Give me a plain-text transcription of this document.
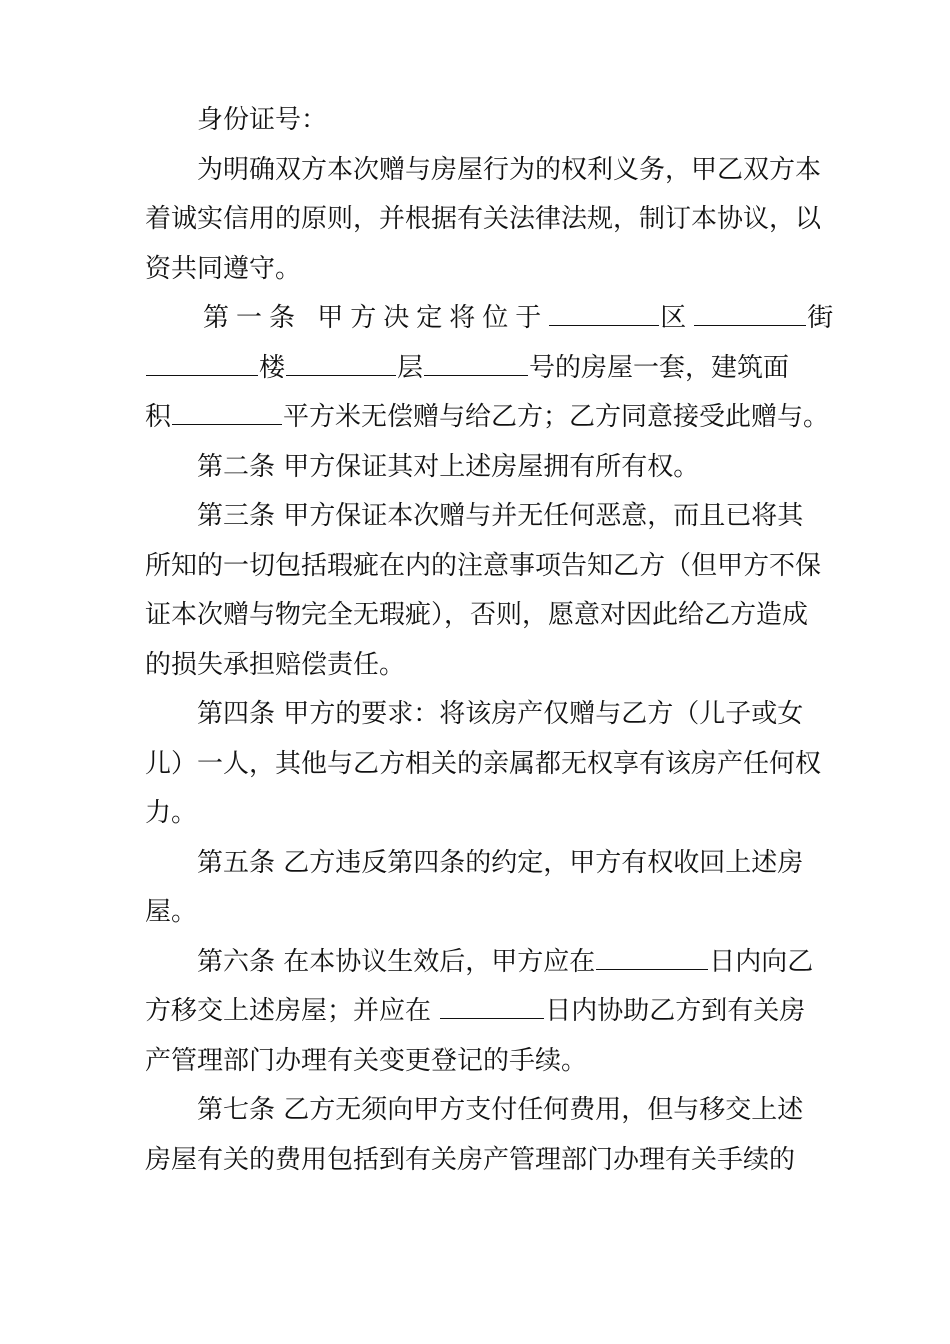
身份证号：

为明确双方本次赠与房屋行为的权利义务，甲乙双方本
着诚实信用的原则，并根据有关法律法规，制订本协议，以
资共同遵守。

第一条 甲方决定将位于	区	街
楼	层	号的房屋一套，建筑面
积	平方米无偿赠与给乙方；乙方同意接受此赠与。

第二条 甲方保证其对上述房屋拥有所有权。

第三条 甲方保证本次赠与并无任何恶意，而且已将其
所知的一切包括瑕疵在内的注意事项告知乙方（但甲方不保
证本次赠与物完全无瑕疵），否则，愿意对因此给乙方造成
的损失承担赔偿责任。

第四条 甲方的要求：将该房产仅赠与乙方（儿子或女
儿）一人，其他与乙方相关的亲属都无权享有该房产任何权
力。

第五条 乙方违反第四条的约定，甲方有权收回上述房
屋。

第六条 在本协议生效后，甲方应在	日内向乙
方移交上述房屋；并应在	日内协助乙方到有关房
产管理部门办理有关变更登记的手续。

第七条 乙方无须向甲方支付任何费用，但与移交上述
房屋有关的费用包括到有关房产管理部门办理有关手续的
